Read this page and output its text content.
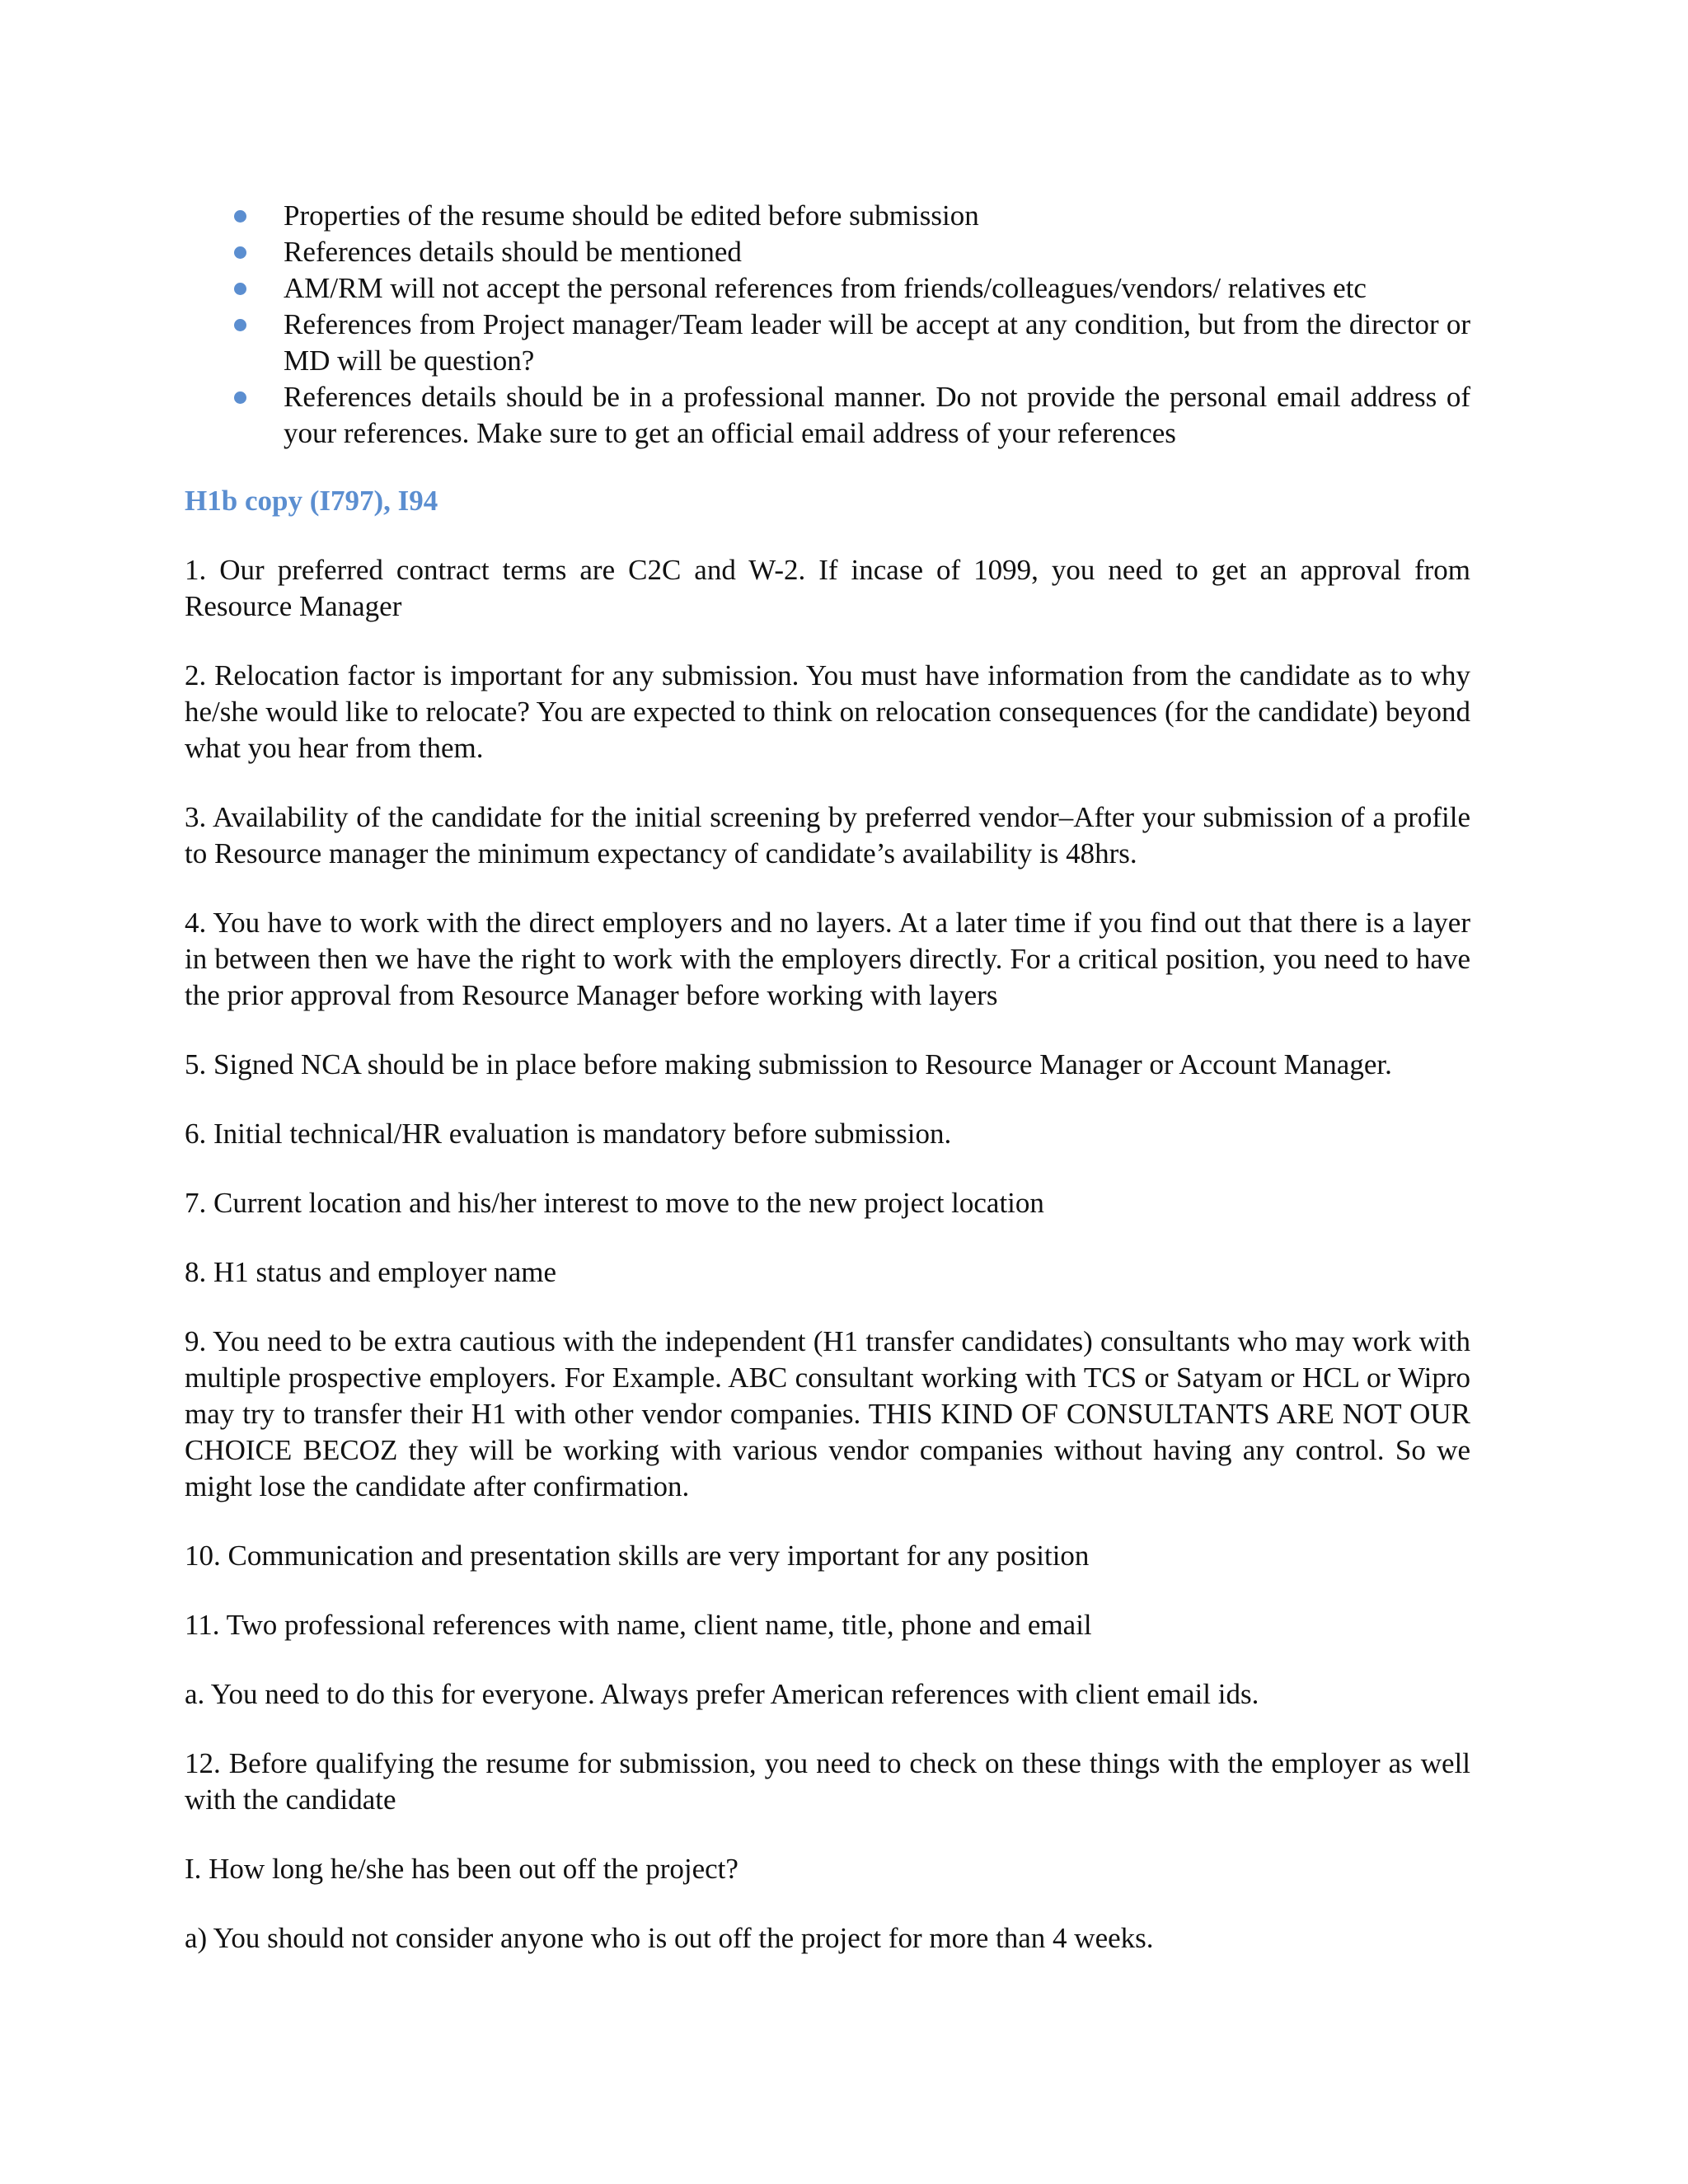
Properties of the resume should be edited before submission
References details should be mentioned
AM/RM will not accept the personal references from friends/colleagues/vendors/ relatives etc
References from Project manager/Team leader will be accept at any condition, but from the director or MD will be question?
References details should be in a professional manner. Do not provide the personal email address of your references. Make sure to get an official email address of your references
H1b copy (I797), I94

1. Our preferred contract terms are C2C and W-2. If incase of 1099, you need to get an approval from Resource Manager

2. Relocation factor is important for any submission. You must have information from the candidate as to why he/she would like to relocate? You are expected to think on relocation consequences (for the candidate) beyond what you hear from them.

3. Availability of the candidate for the initial screening by preferred vendor–After your submission of a profile to Resource manager the minimum expectancy of candidate’s availability is 48hrs.

4. You have to work with the direct employers and no layers. At a later time if you find out that there is a layer in between then we have the right to work with the employers directly. For a critical position, you need to have the prior approval from Resource Manager before working with layers

5. Signed NCA should be in place before making submission to Resource Manager or Account Manager.

6. Initial technical/HR evaluation is mandatory before submission.

7. Current location and his/her interest to move to the new project location

8. H1 status and employer name

9. You need to be extra cautious with the independent (H1 transfer candidates) consultants who may work with multiple prospective employers. For Example. ABC consultant working with TCS or Satyam or HCL or Wipro may try to transfer their H1 with other vendor companies. THIS KIND OF CONSULTANTS ARE NOT OUR CHOICE BECOZ they will be working with various vendor companies without having any control. So we might lose the candidate after confirmation.

10. Communication and presentation skills are very important for any position

11. Two professional references with name, client name, title, phone and email

a. You need to do this for everyone. Always prefer American references with client email ids.

12. Before qualifying the resume for submission, you need to check on these things with the employer as well with the candidate

I. How long he/she has been out off the project?

a) You should not consider anyone who is out off the project for more than 4 weeks.
